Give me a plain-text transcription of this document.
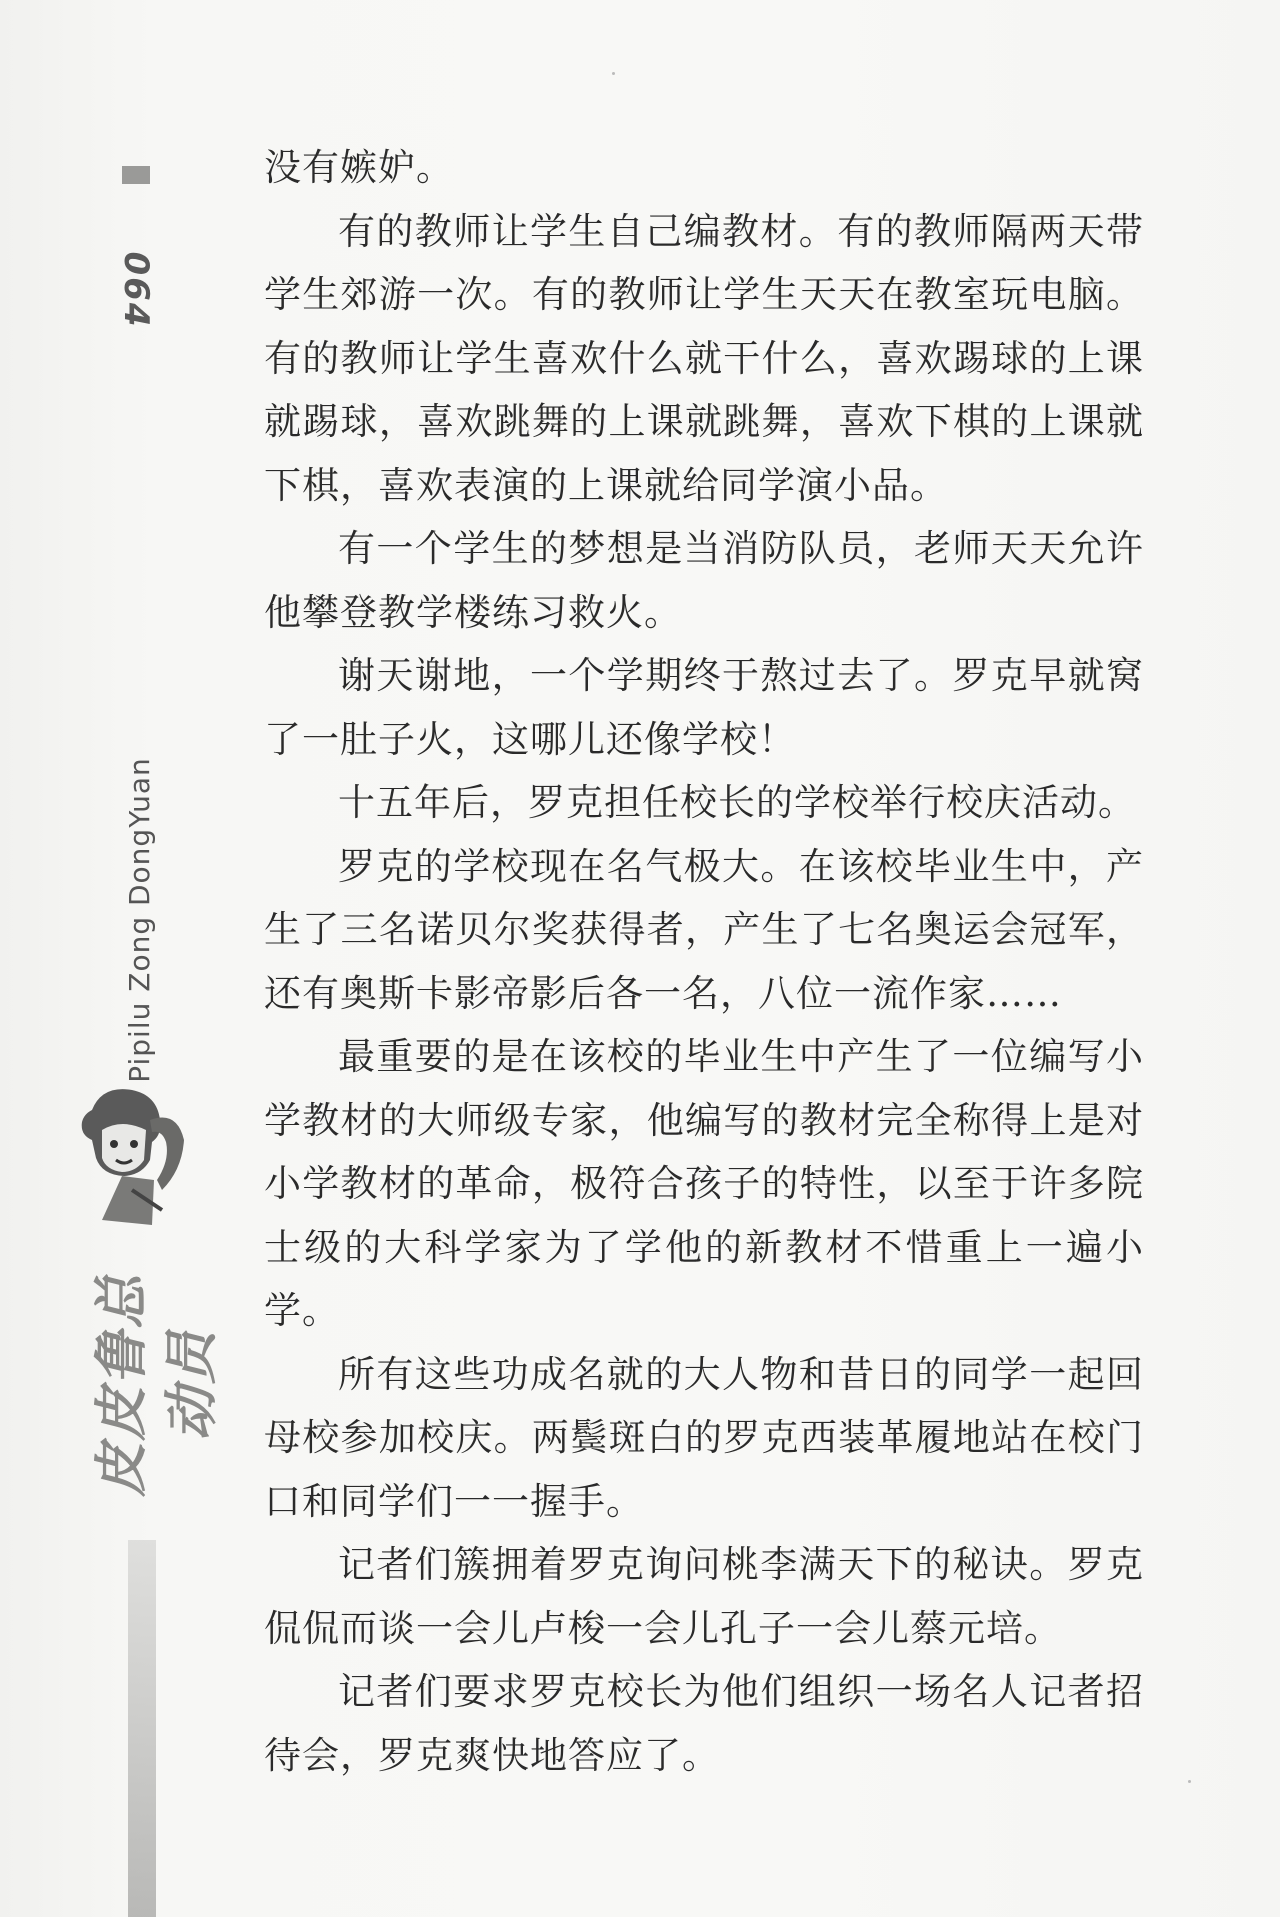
064
Pipilu Zong DongYuan
皮皮鲁总动员

没有嫉妒。

有的教师让学生自己编教材。有的教师隔两天带学生郊游一次。有的教师让学生天天在教室玩电脑。有的教师让学生喜欢什么就干什么，喜欢踢球的上课就踢球，喜欢跳舞的上课就跳舞，喜欢下棋的上课就下棋，喜欢表演的上课就给同学演小品。

有一个学生的梦想是当消防队员，老师天天允许他攀登教学楼练习救火。

谢天谢地，一个学期终于熬过去了。罗克早就窝了一肚子火，这哪儿还像学校！

十五年后，罗克担任校长的学校举行校庆活动。

罗克的学校现在名气极大。在该校毕业生中，产生了三名诺贝尔奖获得者，产生了七名奥运会冠军，还有奥斯卡影帝影后各一名，八位一流作家……

最重要的是在该校的毕业生中产生了一位编写小学教材的大师级专家，他编写的教材完全称得上是对小学教材的革命，极符合孩子的特性，以至于许多院士级的大科学家为了学他的新教材不惜重上一遍小学。

所有这些功成名就的大人物和昔日的同学一起回母校参加校庆。两鬓斑白的罗克西装革履地站在校门口和同学们一一握手。

记者们簇拥着罗克询问桃李满天下的秘诀。罗克侃侃而谈一会儿卢梭一会儿孔子一会儿蔡元培。

记者们要求罗克校长为他们组织一场名人记者招待会，罗克爽快地答应了。
